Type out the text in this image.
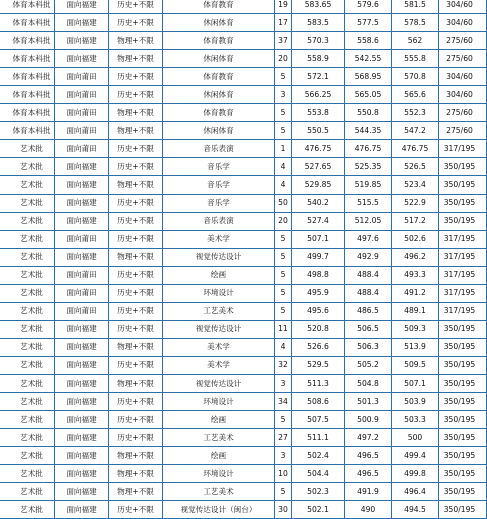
体育本科批	面向福建	历史+不限	体育教育	19	583.65	579.6	581.5	304/60
体育本科批	面向福建	历史+不限	休闲体育	17	583.5	577.5	578.5	304/60
体育本科批	面向福建	物理+不限	体育教育	37	570.3	558.6	562	275/60
体育本科批	面向福建	物理+不限	休闲体育	20	558.9	542.55	555.8	275/60
体育本科批	面向莆田	历史+不限	体育教育	5	572.1	568.95	570.8	304/60
体育本科批	面向莆田	历史+不限	休闲体育	3	566.25	565.05	565.6	304/60
体育本科批	面向莆田	物理+不限	体育教育	5	553.8	550.8	552.3	275/60
体育本科批	面向莆田	物理+不限	休闲体育	5	550.5	544.35	547.2	275/60
艺术批	面向莆田	历史+不限	音乐表演	1	476.75	476.75	476.75	317/195
艺术批	面向福建	历史+不限	音乐学	4	527.65	525.35	526.5	350/195
艺术批	面向福建	物理+不限	音乐学	4	529.85	519.85	523.4	350/195
艺术批	面向福建	历史+不限	音乐学	50	540.2	515.5	522.9	350/195
艺术批	面向福建	历史+不限	音乐表演	20	527.4	512.05	517.2	350/195
艺术批	面向莆田	历史+不限	美术学	5	507.1	497.6	502.6	317/195
艺术批	面向福建	物理+不限	视觉传达设计	5	499.7	492.9	496.2	317/195
艺术批	面向莆田	历史+不限	绘画	5	498.8	488.4	493.3	317/195
艺术批	面向莆田	历史+不限	环境设计	5	495.9	488.4	491.2	317/195
艺术批	面向莆田	历史+不限	工艺美术	5	495.6	486.5	489.1	317/195
艺术批	面向福建	历史+不限	视觉传达设计	11	520.8	506.5	509.3	350/195
艺术批	面向福建	物理+不限	美术学	4	526.6	506.3	513.9	350/195
艺术批	面向福建	历史+不限	美术学	32	529.5	505.2	509.5	350/195
艺术批	面向福建	物理+不限	视觉传达设计	3	511.3	504.8	507.1	350/195
艺术批	面向福建	历史+不限	环境设计	34	508.6	501.3	503.9	350/195
艺术批	面向福建	历史+不限	绘画	5	507.5	500.9	503.3	350/195
艺术批	面向福建	历史+不限	工艺美术	27	511.1	497.2	500	350/195
艺术批	面向福建	物理+不限	绘画	3	502.4	496.5	499.4	350/195
艺术批	面向福建	物理+不限	环境设计	10	504.4	496.5	499.8	350/195
艺术批	面向福建	物理+不限	工艺美术	5	502.3	491.9	496.4	350/195
艺术批	面向福建	历史+不限	视觉传达设计（闽台）	30	502.1	490	494.5	350/195
